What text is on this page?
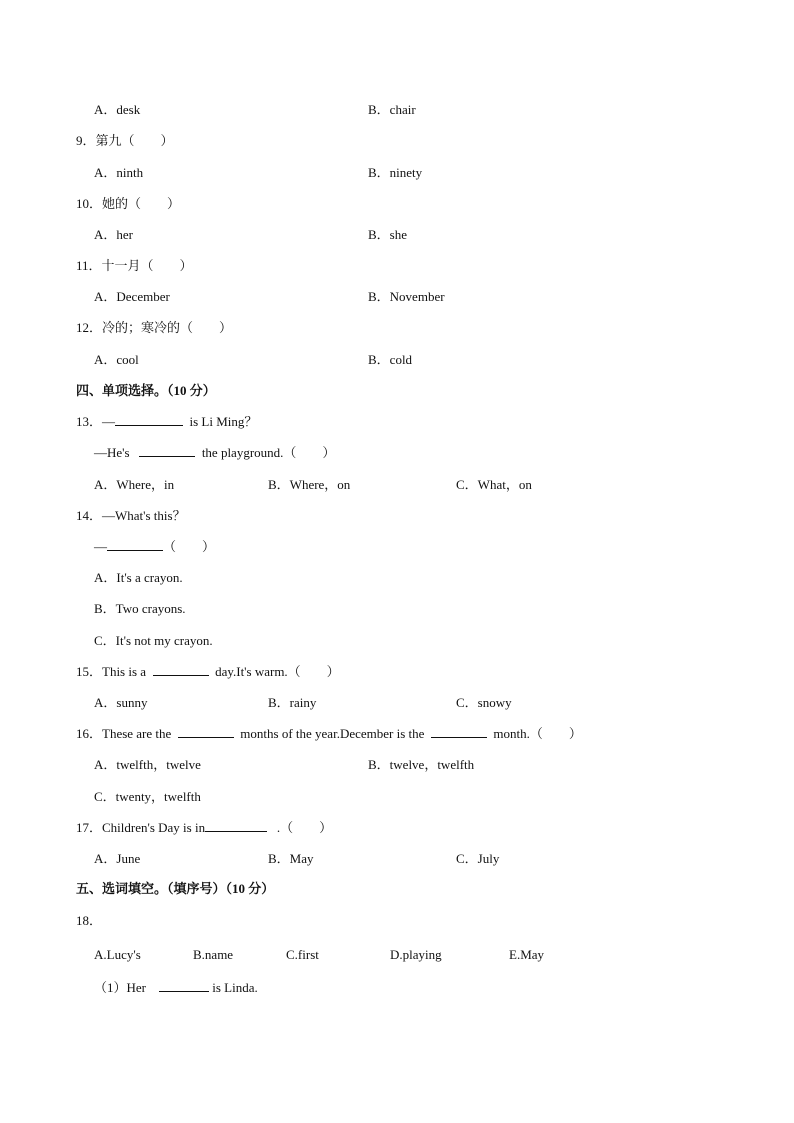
A．desk	B．chair
9．第九（　　）
A．ninth	B．ninety
10．她的（　　）
A．her	B．she
11．十一月（　　）
A．December	B．November
12．冷的；寒冷的（　　）
A．cool	B．cold
四、单项选择。（10 分）
13．—	is Li Ming？
—He's	the playground.（　　）
A．Where，in	B．Where，on	C．What，on
14．—What's this？
—	（　　）
A．It's a crayon.
B．Two crayons.
C．It's not my crayon.
15．This is a	day.It's warm.（　　）
A．sunny	B．rainy	C．snowy
16．These are the	months of the year.December is the	month.（　　）
A．twelfth，twelve	B．twelve，twelfth
C．twenty，twelfth
17．Children's Day is in	.（　　）
A．June	B．May	C．July
五、选词填空。（填序号）（10 分）
18．
A.Lucy's	B.name	C.first	D.playing	E.May
（1）Her	is Linda.
